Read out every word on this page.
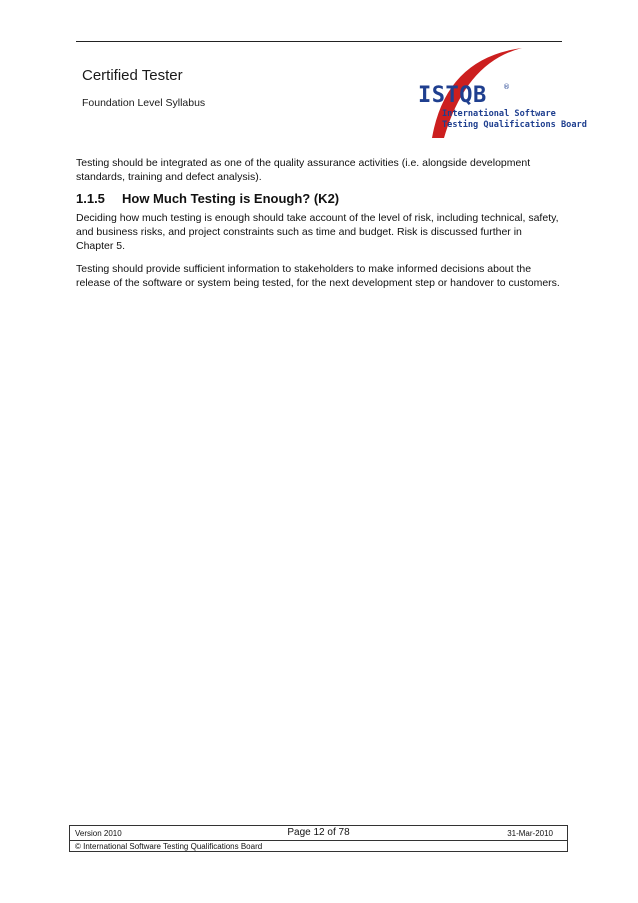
Certified Tester
Foundation Level Syllabus	ISTQB ®
International Software
Testing Qualifications Board
Testing should be integrated as one of the quality assurance activities (i.e. alongside development standards, training and defect analysis).
1.1.5 How Much Testing is Enough? (K2)
Deciding how much testing is enough should take account of the level of risk, including technical, safety, and business risks, and project constraints such as time and budget. Risk is discussed further in Chapter 5.
Testing should provide sufficient information to stakeholders to make informed decisions about the release of the software or system being tested, for the next development step or handover to customers.
Version 2010	Page 12 of 78	31-Mar-2010
© International Software Testing Qualifications Board
